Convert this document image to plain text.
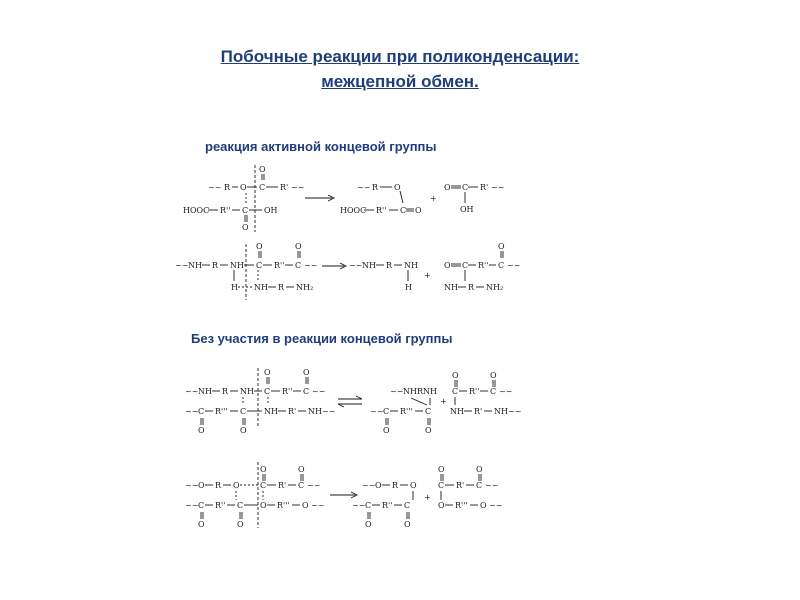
Побочные реакции при поликонденсации:
межцепной обмен.
реакция активной концевой группы
Без участия в реакции концевой группы
~~ R O C
O
R' ~~
HOOC R'' C
O
OH
~~ R O
HOOC R'' C O
+
O C R' ~~
OH
~~ NH R NH C
O
R'' C
O
~~
H NH R NH₂
~~ NH R NH
H
+
O C R'' C
O
~~
NH R NH₂
~~ NH R NH C
O
R'' C
O
~~
~~ C
O
R''' C
O
NH R' NH ~~
~~ NHRNH
~~ C
O
R''' C
O
+
C
O
R'' C
O
~~
NH R' NH ~~
~~ O R O	C
O
R' C
O
~~
~~ C
O
R'' C
O
O R''' O ~~
~~ O R O
~~ C
O
R'' C
O
+
C
O
R' C
O
~~
O R''' O ~~
